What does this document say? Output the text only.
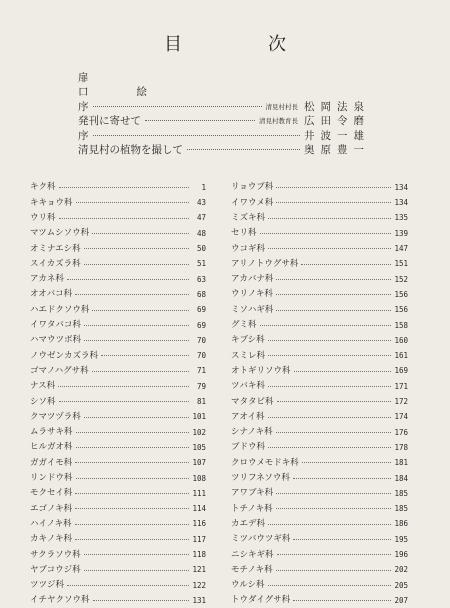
目　次
扉
口絵
序	清見村村長 松岡法泉
発刊に寄せて	清見村教育長 広田令磨
序	井波一雄
清見村の植物を撮して	奥原豊一
キク科	1
キキョウ科	43
ウリ科	47
マツムシソウ科	48
オミナエシ科	50
スイカズラ科	51
アカネ科	63
オオバコ科	68
ハエドクソウ科	69
イワタバコ科	69
ハマウツボ科	70
ノウゼンカズラ科	70
ゴマノハグサ科	71
ナス科	79
シソ科	81
クマツヅラ科	101
ムラサキ科	102
ヒルガオ科	105
ガガイモ科	107
リンドウ科	108
モクセイ科	111
エゴノキ科	114
ハイノキ科	116
カキノキ科	117
サクラソウ科	118
ヤブコウジ科	121
ツツジ科	122
イチヤクソウ科	131
リョウブ科	134
イワウメ科	134
ミズキ科	135
セリ科	139
ウコギ科	147
アリノトウグサ科	151
アカバナ科	152
ウリノキ科	156
ミソハギ科	156
グミ科	158
キブシ科	160
スミレ科	161
オトギリソウ科	169
ツバキ科	171
マタタビ科	172
アオイ科	174
シナノキ科	176
ブドウ科	178
クロウメモドキ科	181
ツリフネソウ科	184
アワブキ科	185
トチノキ科	185
カエデ科	186
ミツバウツギ科	195
ニシキギ科	196
モチノキ科	202
ウルシ科	205
トウダイグサ科	207
